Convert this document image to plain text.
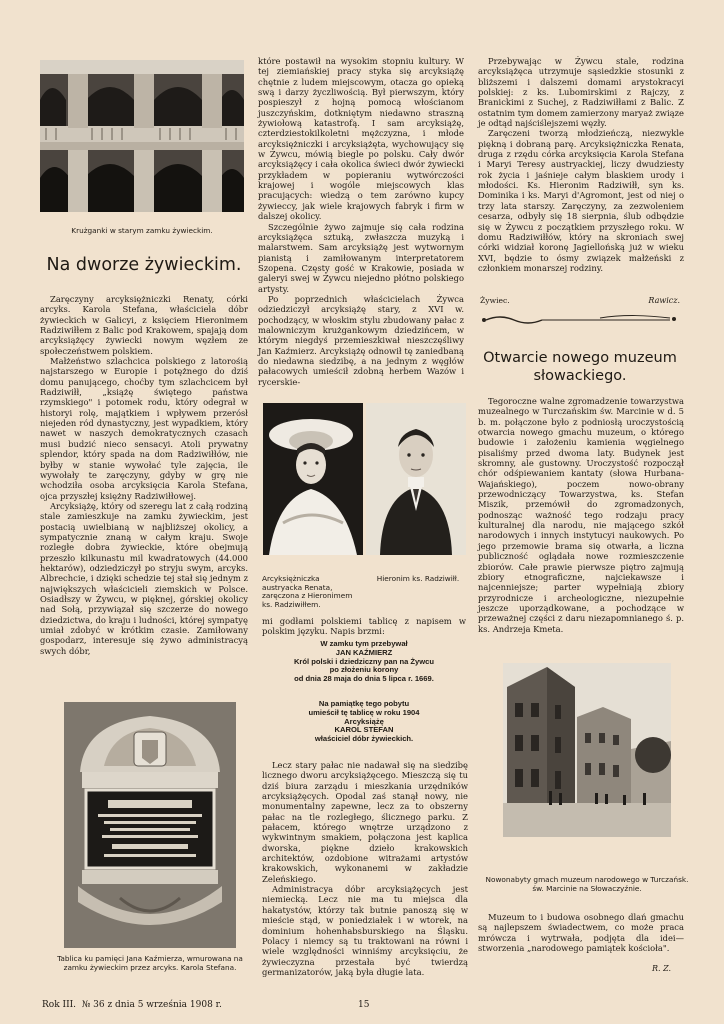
Krużganki w starym zamku żywieckim.

Na dworze żywieckim.

Zaręczyny arcyksiężniczki Renaty, córki arcyks. Karola Stefana, właściciela dóbr żywieckich w Galicyi, z księciem Hieronimem Radziwiłłem z Balic pod Krakowem, spajają dom arcyksiążęcy żywiecki nowym węzłem ze społeczeństwem polskiem.

Małżeństwo szlachcica polskiego z latorośią najstarszego w Europie i potężnego do dziś domu panującego, choćby tym szlachcicem był Radziwiłł, „książę świętego państwa rzymskiego" i potomek rodu, który odegrał w historyi rolę, majątkiem i wpływem przerósł niejeden ród dynastyczny, jest wypadkiem, który nawet w naszych demokratycznych czasach musi budzić nieco sensacyi. Atoli prywatny splendor, który spada na dom Radziwiłłów, nie byłby w stanie wywołać tyle zajęcia, ile wywołały te zaręczyny, gdyby w grę nie wchodziła osoba arcyksięcia Karola Stefana, ojca przyszłej księżny Radziwiłłowej.

Arcyksiążę, który od szeregu lat z całą rodziną stale zamieszkuje na zamku żywieckim, jest postacią uwielbianą w najbliższej okolicy, a sympatycznie znaną w całym kraju. Swoje rozległe dobra żywieckie, które obejmują przeszło kilkunastu mil kwadratowych (44.000 hektarów), odziedziczył po stryju swym, arcyks. Albrechcie, i dzięki schedzie tej stał się jednym z największych właścicieli ziemskich w Polsce. Osiadłszy w Żywcu, w pięknej, górskiej okolicy nad Sołą, przywiązał się szczerze do nowego dziedzictwa, do kraju i ludności, której sympatyę umiał zdobyć w krótkim czasie. Zamiłowany gospodarz, interesuje się żywo administracyą swych dóbr,

Tablica ku pamięci Jana Kaźmierza, wmurowana na zamku żywieckim przez arcyks. Karola Stefana.

które postawił na wysokim stopniu kultury. W tej ziemiańskiej pracy styka się arcyksiążę chętnie z ludem miejscowym, otacza go opieką swą i darzy życzliwością. Był pierwszym, który pospieszył z hojną pomocą włościanom juszczyńskim, dotkniętym niedawno straszną żywiołową katastrofą. I sam arcyksiążę, czterdziestokilkoletni mężczyzna, i młode arcyksiężniczki i arcyksiążęta, wychowujący się w Żywcu, mówią biegle po polsku. Cały dwór arcyksiążęcy i cała okolica świeci dwór żywiecki przykładem w popieraniu wytwórczości krajowej i wogóle miejscowych klas pracujących: wiedzą o tem zarówno kupcy żywieccy, jak wiele krajowych fabryk i firm w dalszej okolicy.

Szczególnie żywo zajmuje się cała rodzina arcyksiążęca sztuką, zwłaszcza muzyką i malarstwem. Sam arcyksiążę jest wytwornym pianistą i zamiłowanym interpretatorem Szopena. Częsty gość w Krakowie, posiada w galeryi swej w Żywcu niejedno płótno polskiego artysty.

Po poprzednich właścicielach Żywca odziedziczył arcyksiążę stary, z XVI w. pochodzący, w włoskim stylu zbudowany pałac z malowniczym krużgankowym dziedzińcem, w którym niegdyś przemieszkiwał nieszczęśliwy Jan Kaźmierz. Arcyksiążę odnowił tę zaniedbaną do niedawna siedzibę, a na jednym z węgłów pałacowych umieścił zdobną herbem Wazów i rycerskie-

Arcyksiężniczka austryacka Renata, zaręczona z Hieronimem ks. Radziwiłłem.

Hieronim ks. Radziwiłł.

mi godłami polskiemi tablicę z napisem w polskim języku. Napis brzmi:

W zamku tym przebywał

JAN KAŹMIERZ

Król polski i dziedziczny pan na Żywcu

po złożeniu korony

od dnia 28 maja do dnia 5 lipca r. 1669.

Na pamiątkę tego pobytu

umieścił tę tablicę w roku 1904

Arcyksiążę

KAROL STEFAN

właściciel dóbr żywieckich.

Lecz stary pałac nie nadawał się na siedzibę licznego dworu arcyksiążęcego. Mieszczą się tu dziś biura zarządu i mieszkania urzędników arcyksiążęcych. Opodal zaś stanął nowy, nie monumentalny zapewne, lecz za to obszerny pałac na tle rozległego, ślicznego parku. Z pałacem, którego wnętrze urządzono z wykwintnym smakiem, połączona jest kaplica dworska, piękne dzieło krakowskich architektów, ozdobione witrażami artystów krakowskich, wykonanemi w zakładzie Zeleńskiego.

Administracya dóbr arcyksiążęcych jest niemiecką. Lecz nie ma tu miejsca dla hakatystów, którzy tak butnie panoszą się w mieście stąd, w poniedziałek i w wtorek, na dominium hohenhabsburskiego na Śląsku. Polacy i niemcy są tu traktowani na równi i wiele względności winniśmy arcyksięciu, że żywieczyzna przestała być twierdzą germanizatorów, jaką była długie lata.

Przebywając w Żywcu stale, rodzina arcyksiążęca utrzymuje sąsiedzkie stosunki z bliższemi i dalszemi domami arystokracyi polskiej: z ks. Lubomirskimi z Rajczy, z Branickimi z Suchej, z Radziwiłłami z Balic. Z ostatnim tym domem zamierzony maryaż związe je odtąd najściślejszemi węzły.

Zaręczeni tworzą młodzieńczą, niezwykle piękną i dobraną parę. Arcyksiężniczka Renata, druga z rzędu córka arcyksięcia Karola Stefana i Maryi Teresy austryackiej, liczy dwudziesty rok życia i jaśnieje całym blaskiem urody i młodości. Ks. Hieronim Radziwiłł, syn ks. Dominika i ks. Maryi d'Agromont, jest od niej o trzy lata starszy. Zaręczyny, za zezwoleniem cesarza, odbyły się 18 sierpnia, ślub odbędzie się w Żywcu z początkiem przyszłego roku. W domu Radziwiłłów, który na skroniach swej córki widział koronę Jagiellońską już w wieku XVI, będzie to ósmy związek małżeński z członkiem monarszej rodziny.

Żywiec.	Rawicz.
Otwarcie nowego muzeum słowackiego.

Tegoroczne walne zgromadzenie towarzystwa muzealnego w Turczańskim św. Marcinie w d. 5 b. m. połączone było z podniosłą uroczystością otwarcia nowego gmachu muzeum, o którego budowie i założeniu kamienia węgielnego pisaliśmy przed dwoma laty. Budynek jest skromny, ale gustowny. Uroczystość rozpoczął chór odśpiewaniem kantaty (słowa Hurbana-Wajańskiego), poczem nowo-obrany przewodniczący Towarzystwa, ks. Stefan Miszik, przemówił do zgromadzonych, podnosząc ważność tego rodzaju pracy kulturalnej dla narodu, nie mającego szkół narodowych i innych instytucyi naukowych. Po jego przemowie brama się otwarła, a liczna publiczność oglądała nowe rozmieszczenie zbiorów. Całe prawie pierwsze piętro zajmują zbiory etnograficzne, najciekawsze i najcenniejsze; parter wypełniają zbiory przyrodnicze i archeologiczne, niezupełnie jeszcze uporządkowane, a pochodzące w przeważnej części z daru niezapomnianego ś. p. ks. Andrzeja Kmeta.

Nowonabyty gmach muzeum narodowego w Turczańsk. św. Marcinie na Słowaczyźnie.

Muzeum to i budowa osobnego dlań gmachu są najlepszem świadectwem, co może praca mrówcza i wytrwała, podjęta dla idei—stworzenia „narodowego pamiątek kościoła".

R. Z.
Rok III.  № 36 z dnia 5 września 1908 r.	15
